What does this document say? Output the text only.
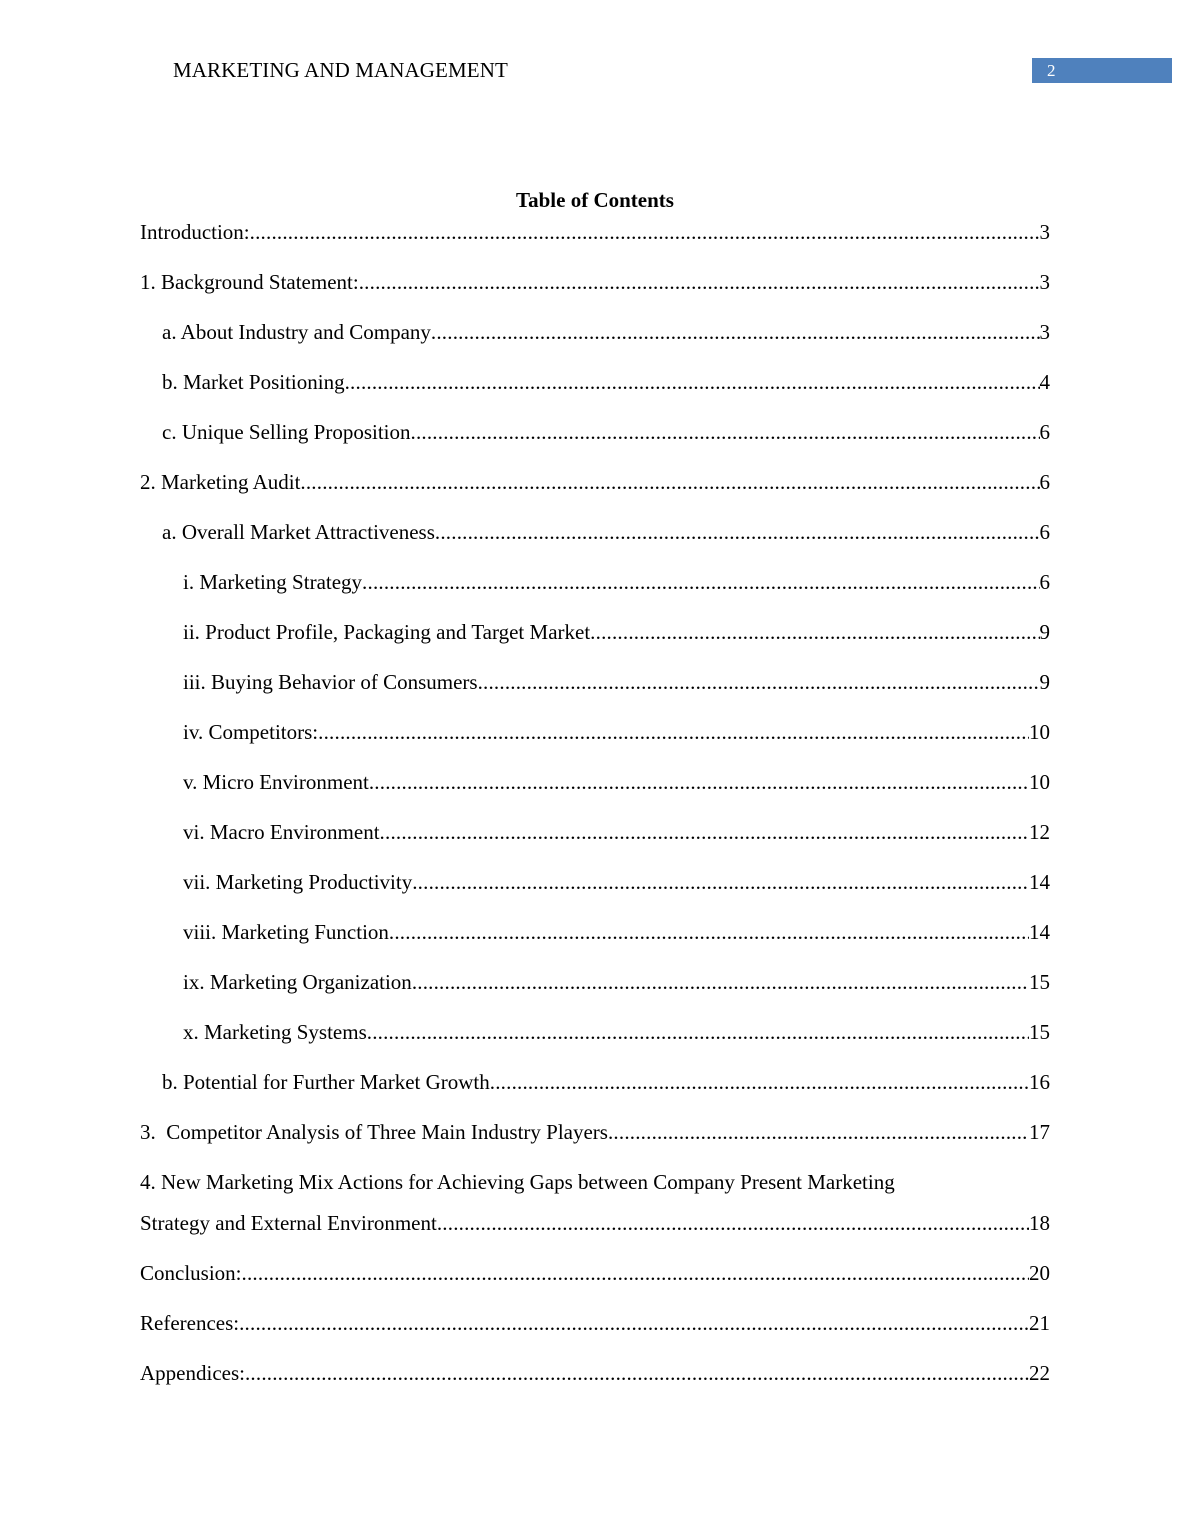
MARKETING AND MANAGEMENT	2
Table of Contents
Introduction: .....	3
1. Background Statement: .....	3
a. About Industry and Company .....	3
b. Market Positioning .....	4
c. Unique Selling Proposition .....	6
2. Marketing Audit .....	6
a. Overall Market Attractiveness .....	6
i. Marketing Strategy .....	6
ii. Product Profile, Packaging and Target Market .....	9
iii. Buying Behavior of Consumers .....	9
iv. Competitors: .....	10
v. Micro Environment .....	10
vi. Macro Environment .....	12
vii. Marketing Productivity .....	14
viii. Marketing Function .....	14
ix. Marketing Organization .....	15
x. Marketing Systems .....	15
b. Potential for Further Market Growth .....	16
3.  Competitor Analysis of Three Main Industry Players .....	17
4. New Marketing Mix Actions for Achieving Gaps between Company Present Marketing
Strategy and External Environment .....	18
Conclusion: .....	20
References: .....	21
Appendices: .....	22
